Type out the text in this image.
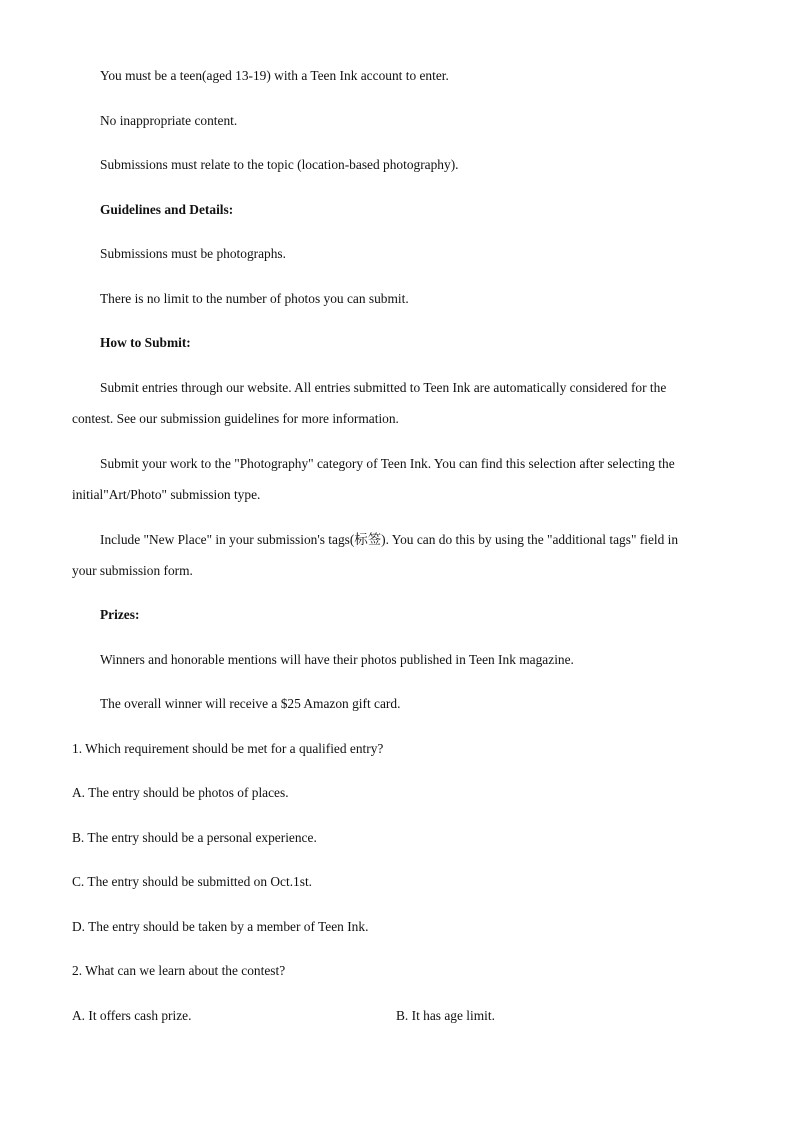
You must be a teen(aged 13-19) with a Teen Ink account to enter.
No inappropriate content.
Submissions must relate to the topic (location-based photography).
Guidelines and Details:
Submissions must be photographs.
There is no limit to the number of photos you can submit.
How to Submit:
Submit entries through our website. All entries submitted to Teen Ink are automatically considered for the
contest. See our submission guidelines for more information.
Submit your work to the "Photography" category of Teen Ink. You can find this selection after selecting the
initial"Art/Photo" submission type.
Include "New Place" in your submission's tags(标签). You can do this by using the "additional tags" field in
your submission form.
Prizes:
Winners and honorable mentions will have their photos published in Teen Ink magazine.
The overall winner will receive a $25 Amazon gift card.
1. Which requirement should be met for a qualified entry?
A. The entry should be photos of places.
B. The entry should be a personal experience.
C. The entry should be submitted on Oct.1st.
D. The entry should be taken by a member of Teen Ink.
2. What can we learn about the contest?
A. It offers cash prize.	B. It has age limit.
